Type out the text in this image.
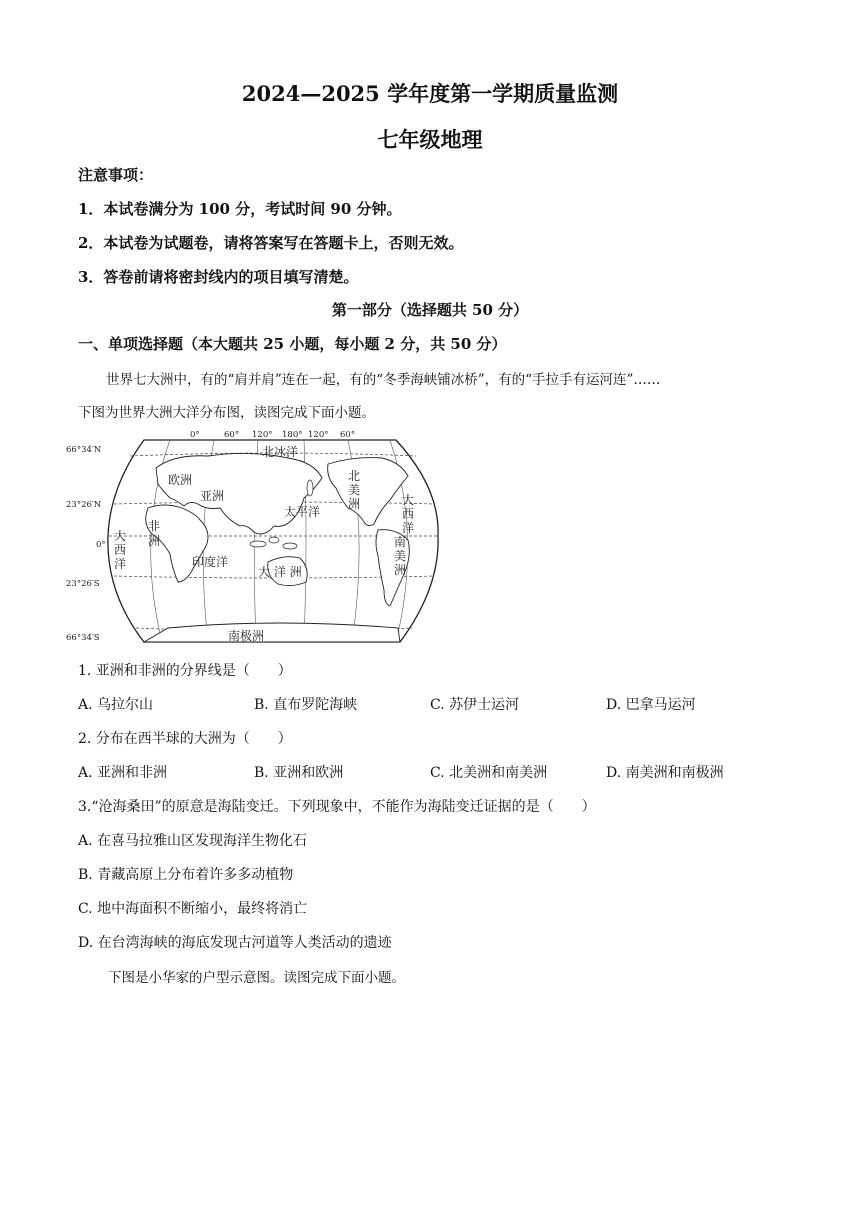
2024—2025 学年度第一学期质量监测
七年级地理
注意事项：
1．本试卷满分为 100 分，考试时间 90 分钟。
2．本试卷为试题卷，请将答案写在答题卡上，否则无效。
3．答卷前请将密封线内的项目填写清楚。
第一部分（选择题共 50 分）
一、单项选择题（本大题共 25 小题，每小题 2 分，共 50 分）
世界七大洲中，有的“肩并肩”连在一起，有的“冬季海峡铺冰桥”，有的“手拉手有运河连”……
下图为世界大洲大洋分布图，读图完成下面小题。
66°34′N
23°26′N
0°
23°26′S
66°34′S
0°	60° 120° 180° 120° 60°
北冰洋
欧洲
亚洲
太平洋
印度洋
大 洋 洲
南极洲
北
美
洲	大
西
洋
非
洲
大
西
洋
南
美
洲
1. 亚洲和非洲的分界线是（　　）
A. 乌拉尔山	B. 直布罗陀海峡	C. 苏伊士运河	D. 巴拿马运河
2. 分布在西半球的大洲为（　　）
A. 亚洲和非洲	B. 亚洲和欧洲	C. 北美洲和南美洲	D. 南美洲和南极洲
3.“沧海桑田”的原意是海陆变迁。下列现象中，不能作为海陆变迁证据的是（　　）
A. 在喜马拉雅山区发现海洋生物化石
B. 青藏高原上分布着许多多动植物
C. 地中海面积不断缩小，最终将消亡
D. 在台湾海峡的海底发现古河道等人类活动的遗迹
下图是小华家的户型示意图。读图完成下面小题。
